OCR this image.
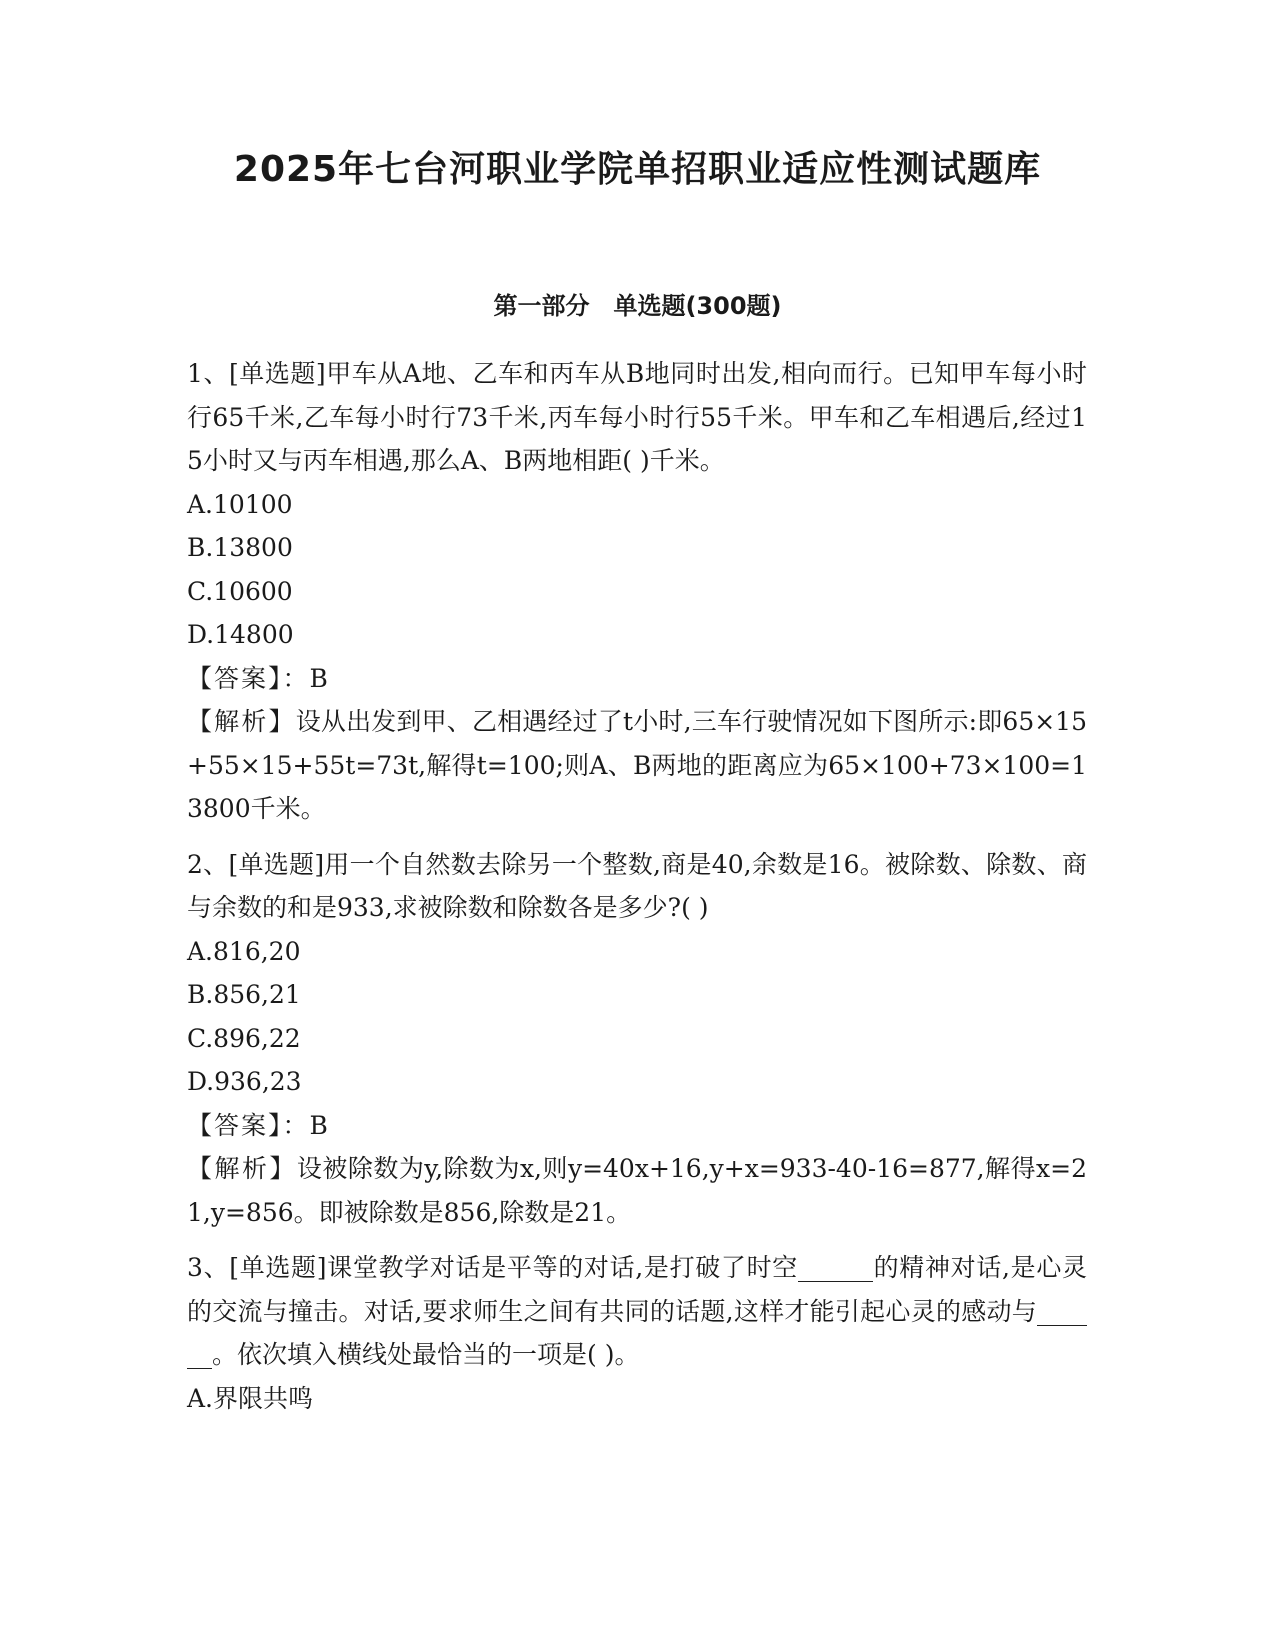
2025年七台河职业学院单招职业适应性测试题库
第一部分　单选题(300题)

1、[单选题]甲车从A地、乙车和丙车从B地同时出发,相向而行。已知甲车每小时行65千米,乙车每小时行73千米,丙车每小时行55千米。甲车和乙车相遇后,经过15小时又与丙车相遇,那么A、B两地相距( )千米。

A.10100

B.13800

C.10600

D.14800

【答案】：B

【解析】设从出发到甲、乙相遇经过了t小时,三车行驶情况如下图所示:即65×15+55×15+55t=73t,解得t=100;则A、B两地的距离应为65×100+73×100=13800千米。

2、[单选题]用一个自然数去除另一个整数,商是40,余数是16。被除数、除数、商与余数的和是933,求被除数和除数各是多少?( )

A.816,20

B.856,21

C.896,22

D.936,23

【答案】：B

【解析】设被除数为y,除数为x,则y=40x+16,y+x=933-40-16=877,解得x=21,y=856。即被除数是856,除数是21。

3、[单选题]课堂教学对话是平等的对话,是打破了时空______的精神对话,是心灵的交流与撞击。对话,要求师生之间有共同的话题,这样才能引起心灵的感动与______。依次填入横线处最恰当的一项是( )。

A.界限共鸣
